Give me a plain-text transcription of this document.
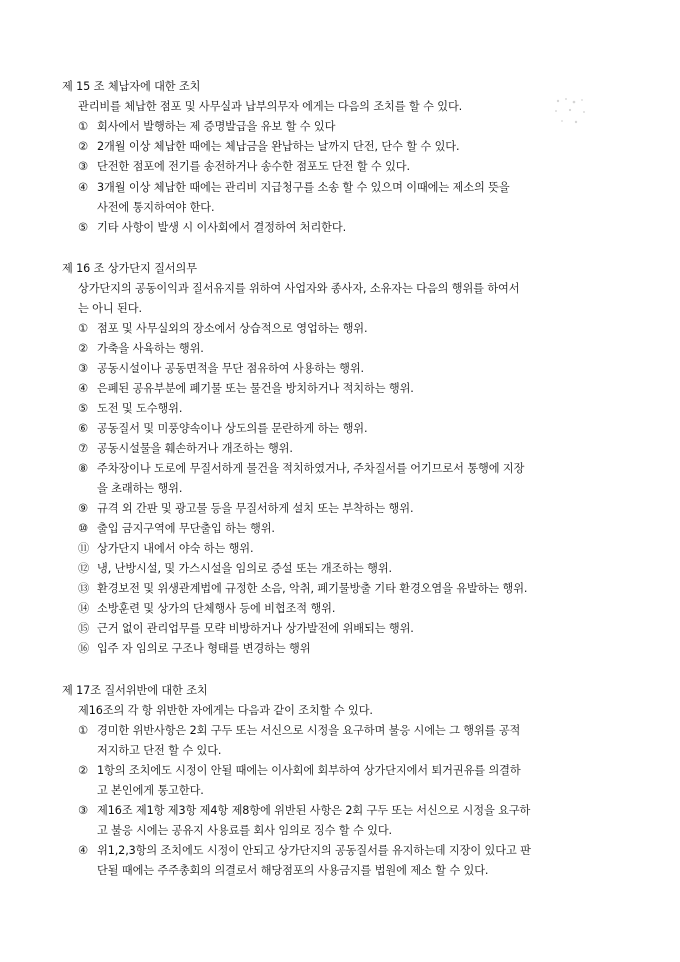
제 15 조 체납자에 대한 조치
관리비를 체납한 점포 및 사무실과 납부의무자 에게는 다음의 조치를 할 수 있다.
① 회사에서 발행하는 제 증명발급을 유보 할 수 있다
② 2개월 이상 체납한 때에는 체납금을 완납하는 날까지 단전, 단수 할 수 있다.
③ 단전한 점포에 전기를 송전하거나 송수한 점포도 단전 할 수 있다.
④ 3개월 이상 체납한 때에는 관리비 지급청구를 소송 할 수 있으며 이때에는 제소의 뜻을
사전에 통지하여야 한다.
⑤ 기타 사항이 발생 시 이사회에서 결정하여 처리한다.
제 16 조 상가단지 질서의무
상가단지의 공동이익과 질서유지를 위하여 사업자와 종사자, 소유자는 다음의 행위를 하여서
는 아니 된다.
① 점포 및 사무실외의 장소에서 상습적으로 영업하는 행위.
② 가축을 사육하는 행위.
③ 공동시설이나 공동면적을 무단 점유하여 사용하는 행위.
④ 은폐된 공유부분에 폐기물 또는 물건을 방치하거나 적치하는 행위.
⑤ 도전 및 도수행위.
⑥ 공동질서 및 미풍양속이나 상도의를 문란하게 하는 행위.
⑦ 공동시설물을 훼손하거나 개조하는 행위.
⑧ 주차장이나 도로에 무질서하게 물건을 적치하였거나, 주차질서를 어기므로서 통행에 지장
을 초래하는 행위.
⑨ 규격 외 간판 및 광고물 등을 무질서하게 설치 또는 부착하는 행위.
⑩ 출입 금지구역에 무단출입 하는 행위.
⑪ 상가단지 내에서 야숙 하는 행위.
⑫ 냉, 난방시설, 및 가스시설을 임의로 증설 또는 개조하는 행위.
⑬ 환경보전 및 위생관계법에 규정한 소음, 악취, 폐기물방출 기타 환경오염을 유발하는 행위.
⑭ 소방훈련 및 상가의 단체행사 등에 비협조적 행위.
⑮ 근거 없이 관리업무를 모략 비방하거나 상가발전에 위배되는 행위.
⑯ 입주 자 임의로 구조나 형태를 변경하는 행위
제 17조 질서위반에 대한 조치
제16조의 각 항 위반한 자에게는 다음과 같이 조치할 수 있다.
① 경미한 위반사항은 2회 구두 또는 서신으로 시정을 요구하며 불응 시에는 그 행위를 공적
저지하고 단전 할 수 있다.
② 1항의 조치에도 시정이 안될 때에는 이사회에 회부하여 상가단지에서 퇴거권유를 의결하
고 본인에게 통고한다.
③ 제16조 제1항 제3항 제4항 제8항에 위반된 사항은 2회 구두 또는 서신으로 시정을 요구하
고 불응 시에는 공유지 사용료를 회사 임의로 징수 할 수 있다.
④ 위1,2,3항의 조치에도 시정이 안되고 상가단지의 공동질서를 유지하는데 지장이 있다고 판
단될 때에는 주주총회의 의결로서 해당점포의 사용금지를 법원에 제소 할 수 있다.
